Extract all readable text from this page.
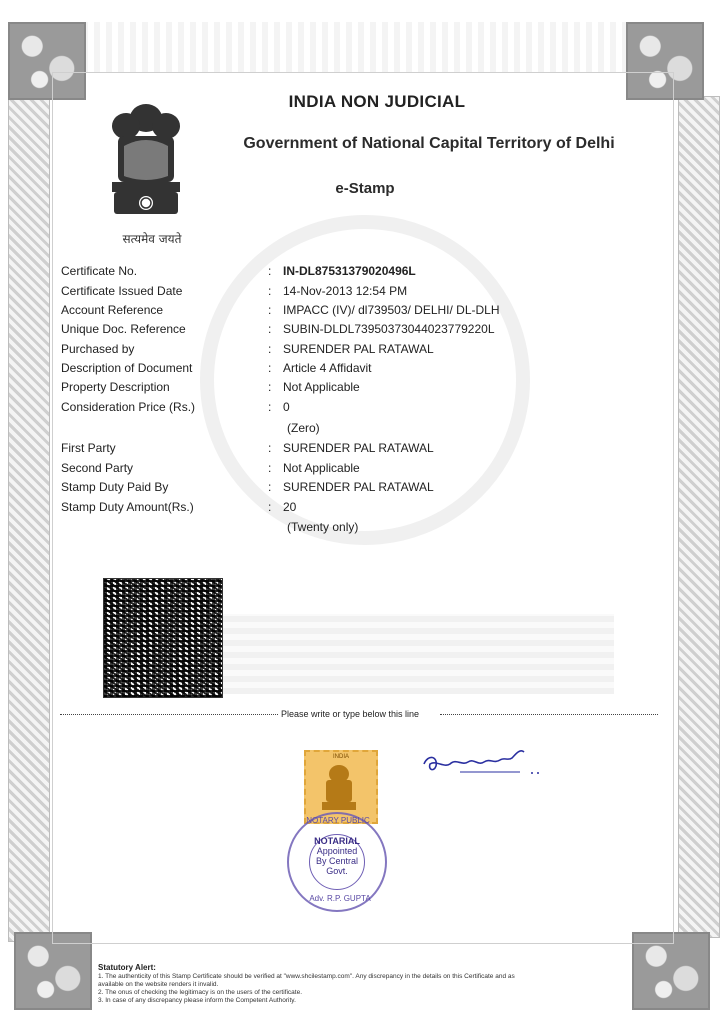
सत्यमेव जयते
INDIA NON JUDICIAL
Government of National Capital Territory of Delhi
e-Stamp
Certificate No.	: IN-DL87531379020496L
Certificate Issued Date	: 14-Nov-2013 12:54 PM
Account Reference	: IMPACC (IV)/ dl739503/ DELHI/ DL-DLH
Unique Doc. Reference	: SUBIN-DLDL73950373044023779220L
Purchased by	: SURENDER PAL RATAWAL
Description of Document	: Article 4 Affidavit
Property Description	: Not Applicable
Consideration Price (Rs.)	: 0
(Zero)
First Party	: SURENDER PAL RATAWAL
Second Party	: Not Applicable
Stamp Duty Paid By	: SURENDER PAL RATAWAL
Stamp Duty Amount(Rs.)	: 20
(Twenty only)
Please write or type below this line
INDIA
NOTARY PUBLIC
NOTARIAL
Appointed
By Central
Govt.
Adv. R.P. GUPTA
Statutory Alert:
1. The authenticity of this Stamp Certificate should be verified at "www.shcilestamp.com". Any discrepancy in the details on this Certificate and as
available on the website renders it invalid.
2. The onus of checking the legitimacy is on the users of the certificate.
3. In case of any discrepancy please inform the Competent Authority.
